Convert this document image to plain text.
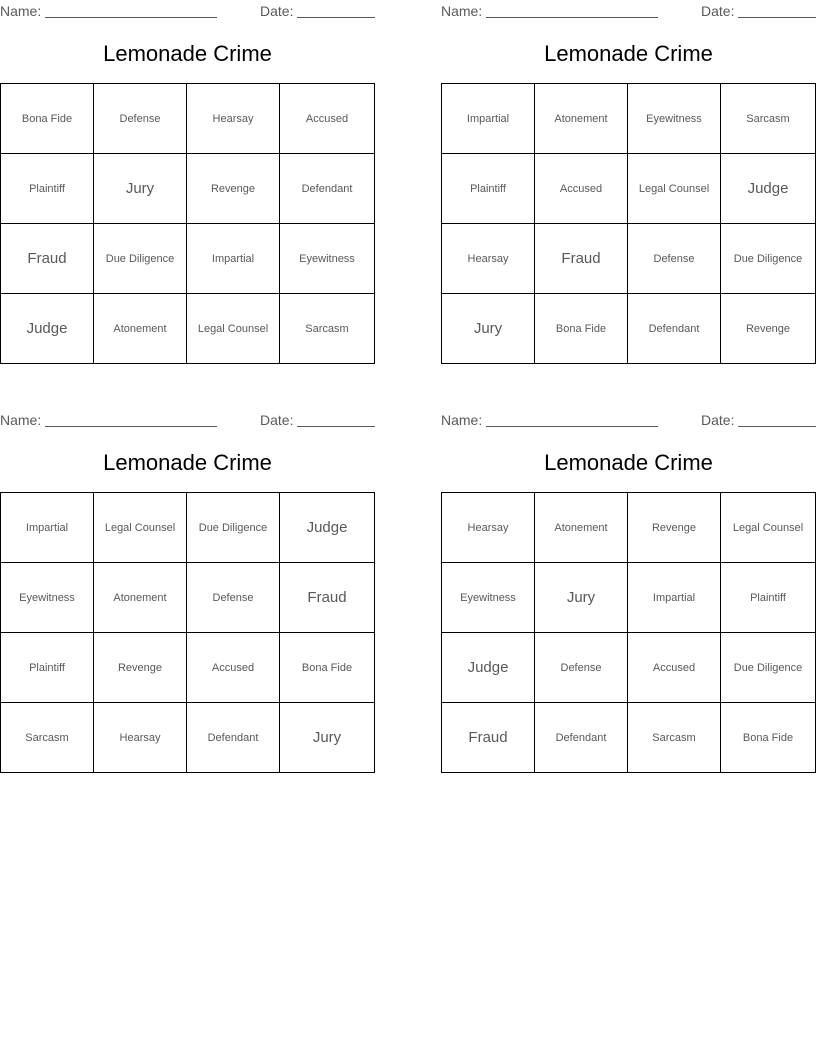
Name:	Date:
Lemonade Crime
Bona Fide	Defense	Hearsay	Accused
Plaintiff	Jury	Revenge	Defendant
Fraud	Due Diligence	Impartial	Eyewitness
Judge	Atonement	Legal Counsel	Sarcasm
Name:	Date:
Lemonade Crime
Impartial	Atonement	Eyewitness	Sarcasm
Plaintiff	Accused	Legal Counsel	Judge
Hearsay	Fraud	Defense	Due Diligence
Jury	Bona Fide	Defendant	Revenge
Name:	Date:
Lemonade Crime
Impartial	Legal Counsel	Due Diligence	Judge
Eyewitness	Atonement	Defense	Fraud
Plaintiff	Revenge	Accused	Bona Fide
Sarcasm	Hearsay	Defendant	Jury
Name:	Date:
Lemonade Crime
Hearsay	Atonement	Revenge	Legal Counsel
Eyewitness	Jury	Impartial	Plaintiff
Judge	Defense	Accused	Due Diligence
Fraud	Defendant	Sarcasm	Bona Fide
